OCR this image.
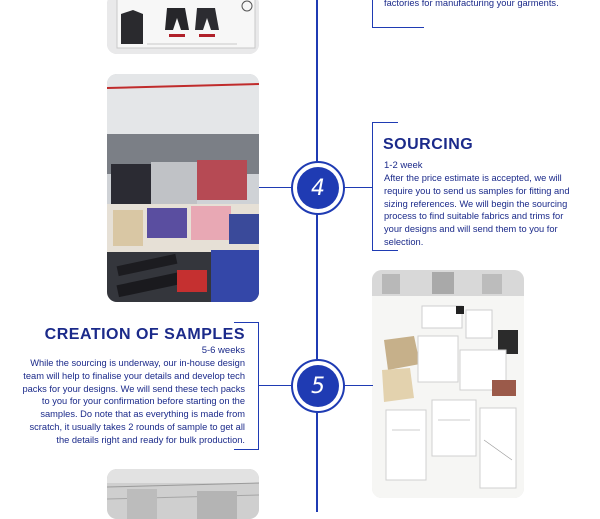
factories for manufacturing your garments.
4
SOURCING
1-2 week
After the price estimate is accepted, we will
require you to send us samples for fitting and
sizing references. We will begin the sourcing
process to find suitable fabrics and trims for
your designs and will send them to you for
selection.
5
CREATION OF SAMPLES
5-6 weeks
While the sourcing is underway, our in-house design
team will help to finalise your details and develop tech
packs for your designs. We will send these tech packs
to you for your confirmation before starting on the
samples. Do note that as everything is made from
scratch, it usually takes 2 rounds of sample to get all
the details right and ready for bulk production.
